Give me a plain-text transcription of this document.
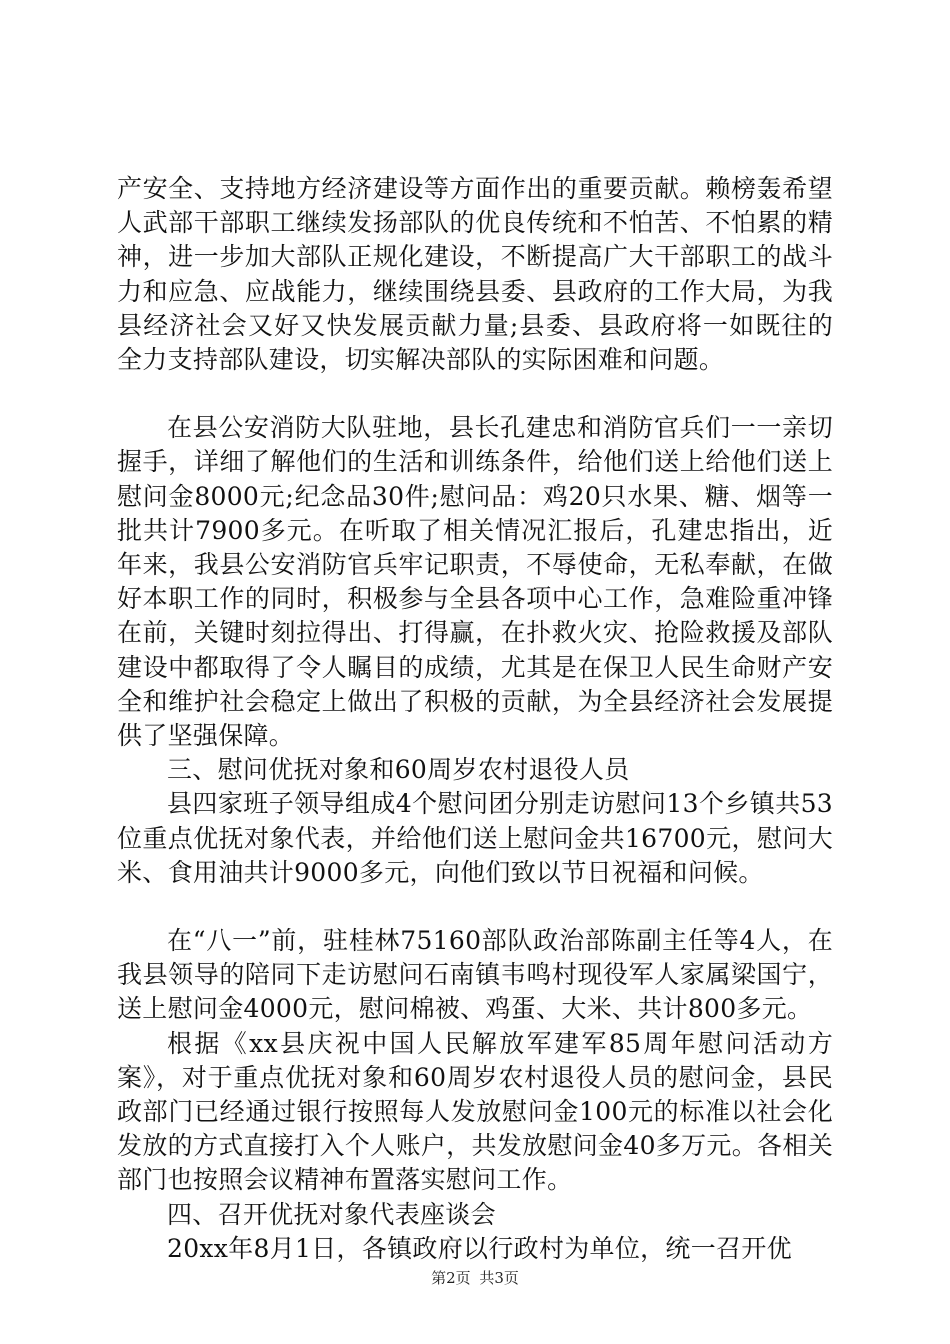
产安全、支持地方经济建设等方面作出的重要贡献。赖榜轰希望人武部干部职工继续发扬部队的优良传统和不怕苦、不怕累的精神，进一步加大部队正规化建设，不断提高广大干部职工的战斗力和应急、应战能力，继续围绕县委、县政府的工作大局，为我县经济社会又好又快发展贡献力量;县委、县政府将一如既往的全力支持部队建设，切实解决部队的实际困难和问题。

在县公安消防大队驻地，县长孔建忠和消防官兵们一一亲切握手，详细了解他们的生活和训练条件，给他们送上给他们送上慰问金8000元;纪念品30件;慰问品：鸡20只水果、糖、烟等一批共计7900多元。在听取了相关情况汇报后，孔建忠指出，近年来，我县公安消防官兵牢记职责，不辱使命，无私奉献，在做好本职工作的同时，积极参与全县各项中心工作，急难险重冲锋在前，关键时刻拉得出、打得赢，在扑救火灾、抢险救援及部队建设中都取得了令人瞩目的成绩，尤其是在保卫人民生命财产安全和维护社会稳定上做出了积极的贡献，为全县经济社会发展提供了坚强保障。

三、慰问优抚对象和60周岁农村退役人员

县四家班子领导组成4个慰问团分别走访慰问13个乡镇共53位重点优抚对象代表，并给他们送上慰问金共16700元，慰问大米、食用油共计9000多元，向他们致以节日祝福和问候。

在“八一”前，驻桂林75160部队政治部陈副主任等4人，在我县领导的陪同下走访慰问石南镇韦鸣村现役军人家属梁国宁，送上慰问金4000元，慰问棉被、鸡蛋、大米、共计800多元。

根据《xx县庆祝中国人民解放军建军85周年慰问活动方案》，对于重点优抚对象和60周岁农村退役人员的慰问金，县民政部门已经通过银行按照每人发放慰问金100元的标准以社会化发放的方式直接打入个人账户，共发放慰问金40多万元。各相关部门也按照会议精神布置落实慰问工作。

四、召开优抚对象代表座谈会

20xx年8月1日，各镇政府以行政村为单位，统一召开优

第2页 共3页
